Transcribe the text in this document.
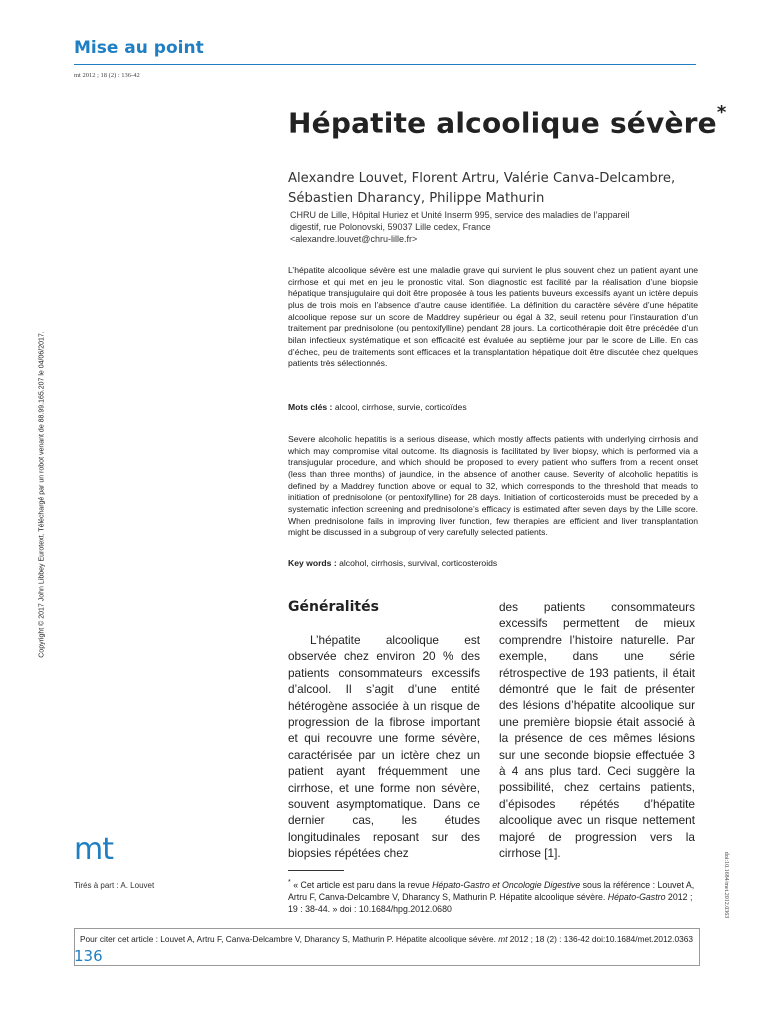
Mise au point
mt 2012 ; 18 (2) : 136-42
Hépatite alcoolique sévère*
Alexandre Louvet, Florent Artru, Valérie Canva-Delcambre,
Sébastien Dharancy, Philippe Mathurin
CHRU de Lille, Hôpital Huriez et Unité Inserm 995, service des maladies de l’appareil
digestif, rue Polonovski, 59037 Lille cedex, France
<alexandre.louvet@chru-lille.fr>

L’hépatite alcoolique sévère est une maladie grave qui survient le plus souvent chez un patient ayant une cirrhose et qui met en jeu le pronostic vital. Son diagnostic est facilité par la réalisation d’une biopsie hépatique transjugulaire qui doit être proposée à tous les patients buveurs excessifs ayant un ictère depuis plus de trois mois en l’absence d’autre cause identifiée. La définition du caractère sévère d’une hépatite alcoolique repose sur un score de Maddrey supérieur ou égal à 32, seuil retenu pour l’instauration d’un traitement par prednisolone (ou pentoxifylline) pendant 28 jours. La corticothérapie doit être précédée d’un bilan infectieux systématique et son efficacité est évaluée au septième jour par le score de Lille. En cas d’échec, peu de traitements sont efficaces et la transplantation hépatique doit être discutée chez quelques patients très sélectionnés.

Mots clés : alcool, cirrhose, survie, corticoïdes

Severe alcoholic hepatitis is a serious disease, which mostly affects patients with underlying cirrhosis and which may compromise vital outcome. Its diagnosis is facilitated by liver biopsy, which is performed via a transjugular procedure, and which should be proposed to every patient who suffers from a recent onset (less than three months) of jaundice, in the absence of another cause. Severity of alcoholic hepatitis is defined by a Maddrey function above or equal to 32, which corresponds to the threshold that meads to initiation of prednisolone (or pentoxifylline) for 28 days. Initiation of corticosteroids must be preceded by a systematic infection screening and prednisolone’s efficacy is estimated after seven days by the Lille score. When prednisolone fails in improving liver function, few therapies are efficient and liver transplantation might be discussed in a subgroup of very carefully selected patients.

Key words : alcohol, cirrhosis, survival, corticosteroids
Copyright © 2017 John Libbey Eurotext. Téléchargé par un robot venant de 88.99.165.207 le 04/06/2017.
doi:10.1684/met.2012.0363
Généralités

L’hépatite alcoolique est observée chez environ 20 % des patients consommateurs excessifs d’alcool. Il s’agit d’une entité hétérogène associée à un risque de progression de la fibrose important et qui recouvre une forme sévère, caractérisée par un ictère chez un patient ayant fréquemment une cirrhose, et une forme non sévère, souvent asymptomatique. Dans ce dernier cas, les études longitudinales reposant sur des biopsies répétées chez

des patients consommateurs excessifs permettent de mieux comprendre l’histoire naturelle. Par exemple, dans une série rétrospective de 193 patients, il était démontré que le fait de présenter des lésions d’hépatite alcoolique sur une première biopsie était associé à la présence de ces mêmes lésions sur une seconde biopsie effectuée 3 à 4 ans plus tard. Ceci suggère la possibilité, chez certains patients, d’épisodes répétés d’hépatite alcoolique avec un risque nettement majoré de progression vers la cirrhose [1].

mt
Tirés à part : A. Louvet	* « Cet article est paru dans la revue Hépato-Gastro et Oncologie Digestive sous la référence : Louvet A, Artru F, Canva-Delcambre V, Dharancy S, Mathurin P. Hépatite alcoolique sévère. Hépato-Gastro 2012 ; 19 : 38-44. » doi : 10.1684/hpg.2012.0680

Pour citer cet article : Louvet A, Artru F, Canva-Delcambre V, Dharancy S, Mathurin P. Hépatite alcoolique sévère. mt 2012 ; 18 (2) : 136-42 doi:10.1684/met.2012.0363
136
